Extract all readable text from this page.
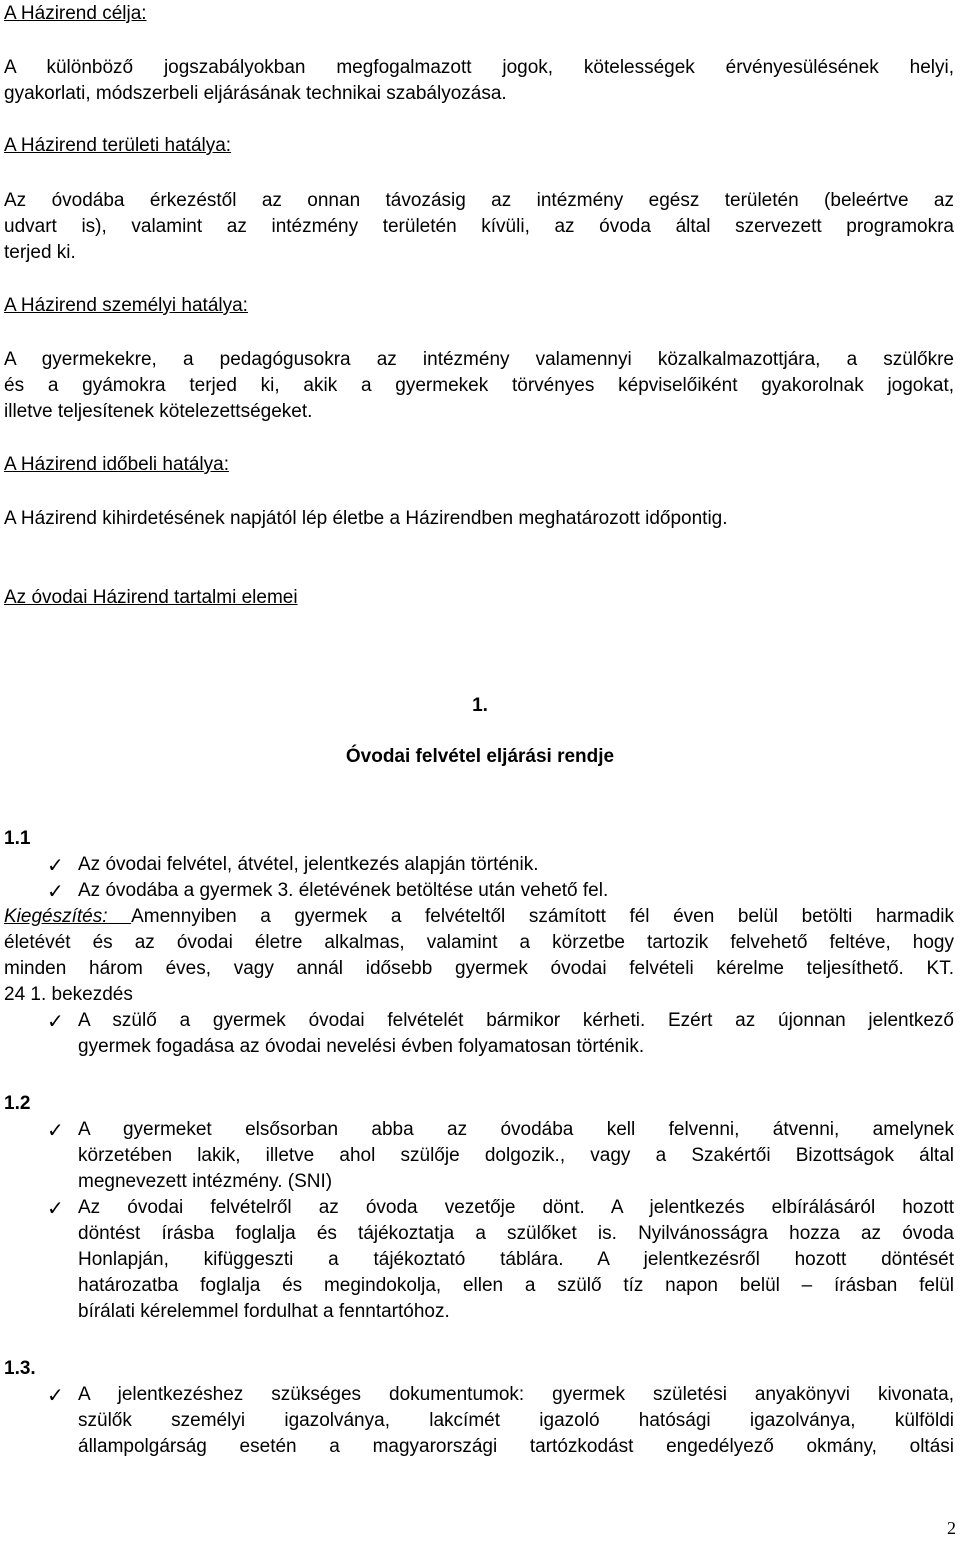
A Házirend célja:
A különböző jogszabályokban megfogalmazott jogok, kötelességek érvényesülésének helyi,
gyakorlati, módszerbeli eljárásának technikai szabályozása.
A Házirend területi hatálya:
Az óvodába érkezéstől az onnan távozásig az intézmény egész területén (beleértve az
udvart is), valamint az intézmény területén kívüli, az óvoda által szervezett programokra
terjed ki.
A Házirend személyi hatálya:
A gyermekekre, a pedagógusokra az intézmény valamennyi közalkalmazottjára, a szülőkre
és a gyámokra terjed ki, akik a gyermekek törvényes képviselőiként gyakorolnak jogokat,
illetve teljesítenek kötelezettségeket.
A Házirend időbeli hatálya:
A Házirend kihirdetésének napjától lép életbe a Házirendben meghatározott időpontig.
Az óvodai Házirend tartalmi elemei
1.
Óvodai felvétel eljárási rendje
1.1
✓ Az óvodai felvétel, átvétel, jelentkezés alapján történik.
✓ Az óvodába a gyermek 3. életévének betöltése után vehető fel.
Kiegészítés: Amennyiben a gyermek a felvételtől számított fél éven belül betölti harmadik
életévét és az óvodai életre alkalmas, valamint a körzetbe tartozik felvehető feltéve, hogy
minden három éves, vagy annál idősebb gyermek óvodai felvételi kérelme teljesíthető. KT.
24 1. bekezdés
✓ A szülő a gyermek óvodai felvételét bármikor kérheti. Ezért az újonnan jelentkező
gyermek fogadása az óvodai nevelési évben folyamatosan történik.
1.2
✓ A gyermeket elsősorban abba az óvodába kell felvenni, átvenni, amelynek
körzetében lakik, illetve ahol szülője dolgozik., vagy a Szakértői Bizottságok által
megnevezett intézmény. (SNI)
✓ Az óvodai felvételről az óvoda vezetője dönt. A jelentkezés elbírálásáról hozott
döntést írásba foglalja és tájékoztatja a szülőket is. Nyilvánosságra hozza az óvoda
Honlapján, kifüggeszti a tájékoztató táblára. A jelentkezésről hozott döntését
határozatba foglalja és megindokolja, ellen a szülő tíz napon belül – írásban felül
bírálati kérelemmel fordulhat a fenntartóhoz.
1.3.
✓ A jelentkezéshez szükséges dokumentumok: gyermek születési anyakönyvi kivonata,
szülők személyi igazolványa, lakcímét igazoló hatósági igazolványa, külföldi
állampolgárság esetén a magyarországi tartózkodást engedélyező okmány, oltási
2
